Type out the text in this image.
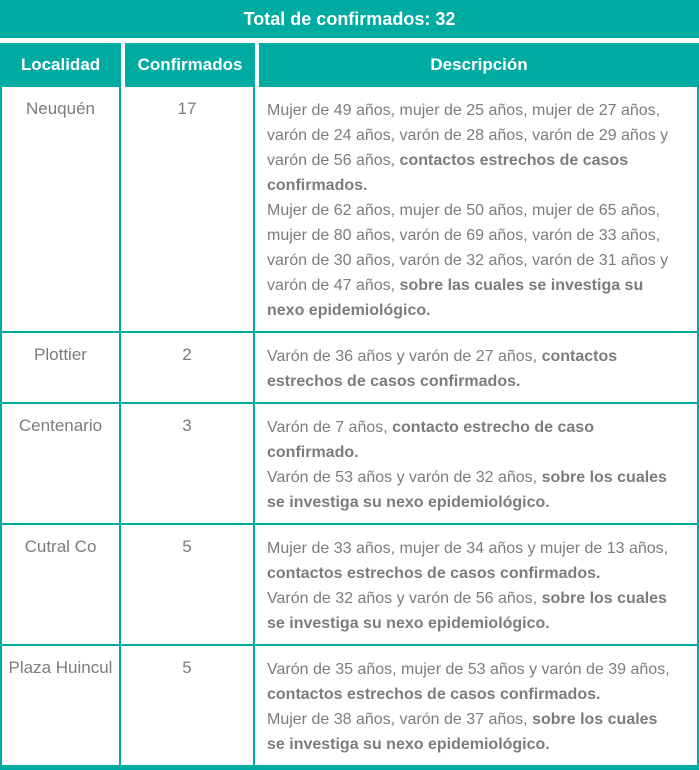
Total de confirmados: 32
Localidad	Confirmados	Descripción
Neuquén	17	Mujer de 49 años, mujer de 25 años, mujer de 27 años, varón de 24 años, varón de 28 años, varón de 29 años y varón de 56 años, contactos estrechos de casos confirmados.

Mujer de 62 años, mujer de 50 años, mujer de 65 años, mujer de 80 años, varón de 69 años, varón de 33 años, varón de 30 años, varón de 32 años, varón de 31 años y varón de 47 años, sobre las cuales se investiga su nexo epidemiológico.

Plottier	2	Varón de 36 años y varón de 27 años, contactos estrechos de casos confirmados.

Centenario	3	Varón de 7 años, contacto estrecho de caso confirmado.

Varón de 53 años y varón de 32 años, sobre los cuales se investiga su nexo epidemiológico.

Cutral Co	5	Mujer de 33 años, mujer de 34 años y mujer de 13 años, contactos estrechos de casos confirmados.

Varón de 32 años y varón de 56 años, sobre los cuales se investiga su nexo epidemiológico.

Plaza Huincul	5	Varón de 35 años, mujer de 53 años y varón de 39 años, contactos estrechos de casos confirmados.

Mujer de 38 años, varón de 37 años, sobre los cuales se investiga su nexo epidemiológico.
